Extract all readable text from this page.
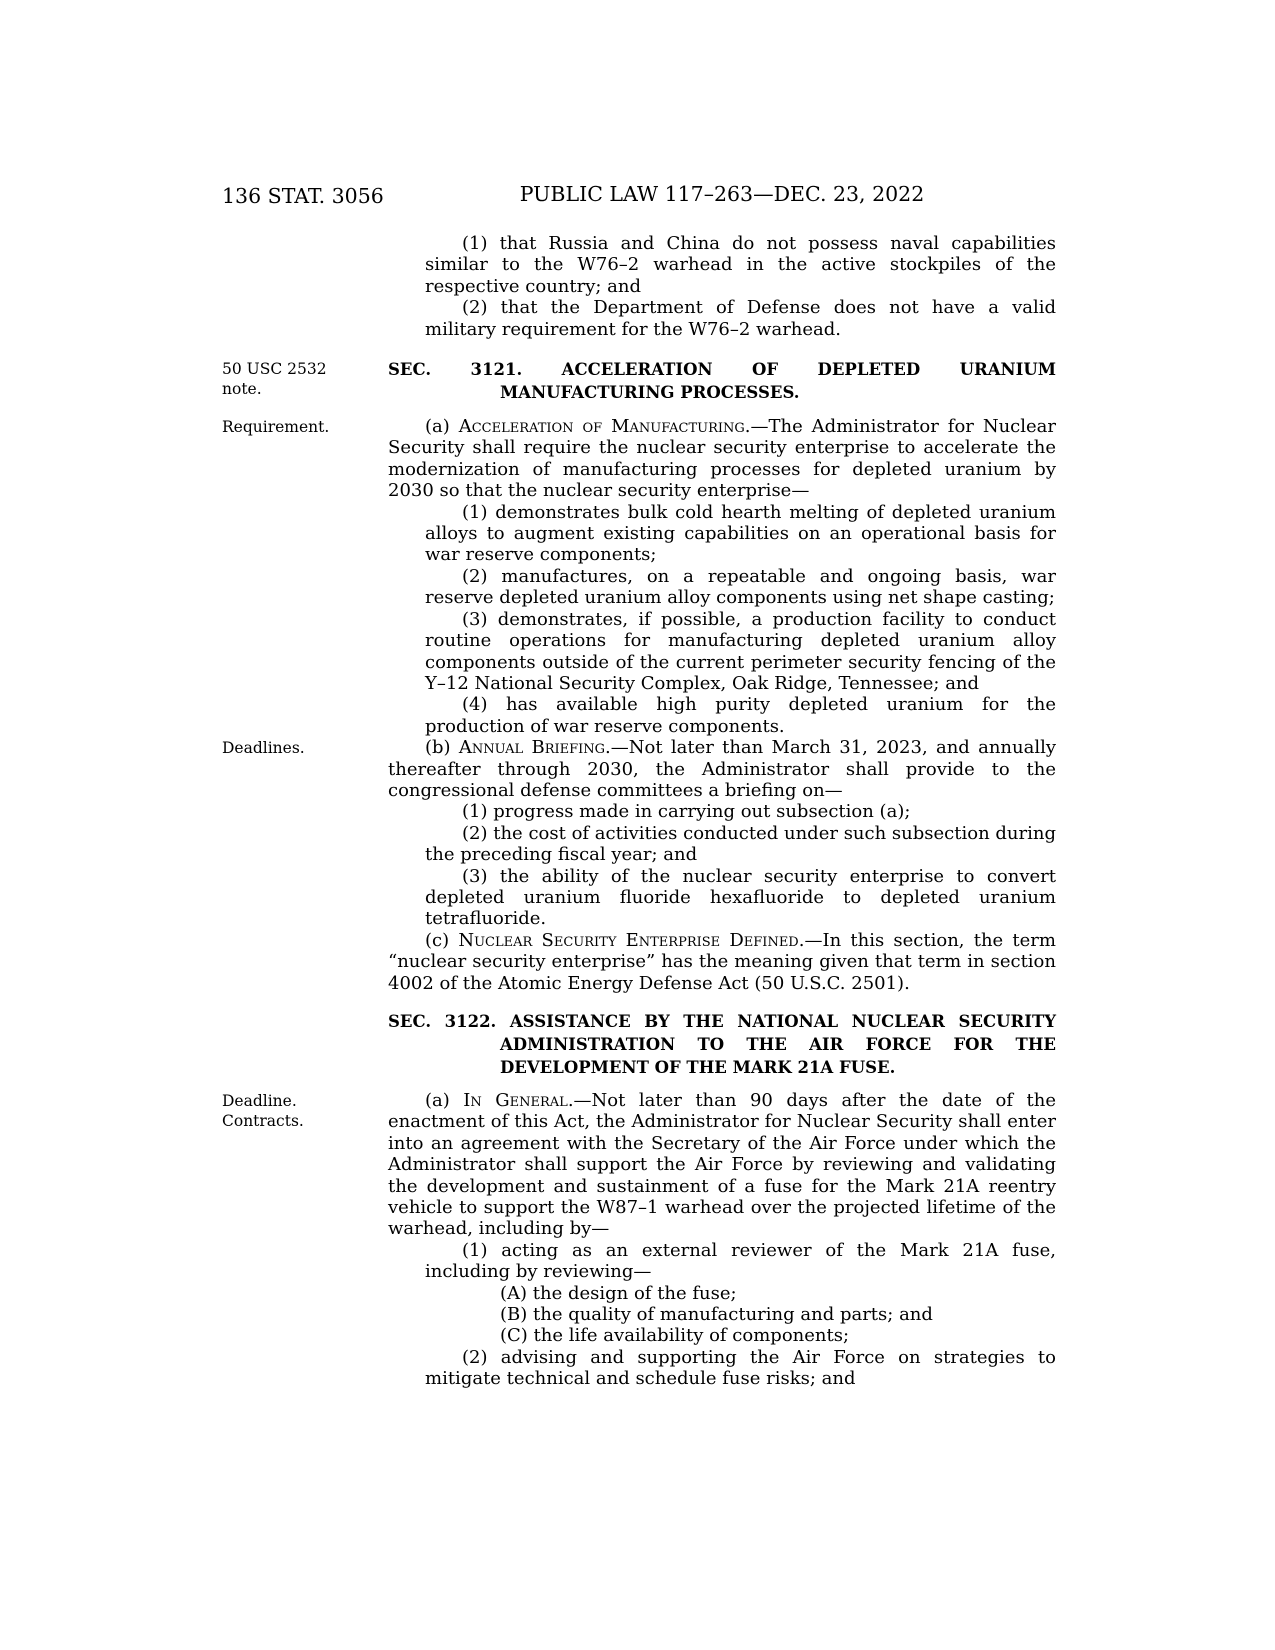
136 STAT. 3056	PUBLIC LAW 117–263—DEC. 23, 2022

(1) that Russia and China do not possess naval capabilities similar to the W76–2 warhead in the active stockpiles of the respective country; and

(2) that the Department of Defense does not have a valid military requirement for the W76–2 warhead.

50 USC 2532 note.
SEC. 3121. ACCELERATION OF DEPLETED URANIUM MANUFACTURING PROCESSES.
Requirement.	(a) Acceleration of Manufacturing.—The Administrator for Nuclear Security shall require the nuclear security enterprise to accelerate the modernization of manufacturing processes for depleted uranium by 2030 so that the nuclear security enterprise—

(1) demonstrates bulk cold hearth melting of depleted uranium alloys to augment existing capabilities on an operational basis for war reserve components;

(2) manufactures, on a repeatable and ongoing basis, war reserve depleted uranium alloy components using net shape casting;

(3) demonstrates, if possible, a production facility to conduct routine operations for manufacturing depleted uranium alloy components outside of the current perimeter security fencing of the Y–12 National Security Complex, Oak Ridge, Tennessee; and

(4) has available high purity depleted uranium for the production of war reserve components.

Deadlines.	(b) Annual Briefing.—Not later than March 31, 2023, and annually thereafter through 2030, the Administrator shall provide to the congressional defense committees a briefing on—

(1) progress made in carrying out subsection (a);

(2) the cost of activities conducted under such subsection during the preceding fiscal year; and

(3) the ability of the nuclear security enterprise to convert depleted uranium fluoride hexafluoride to depleted uranium tetrafluoride.

(c) Nuclear Security Enterprise Defined.—In this section, the term “nuclear security enterprise” has the meaning given that term in section 4002 of the Atomic Energy Defense Act (50 U.S.C. 2501).

SEC. 3122. ASSISTANCE BY THE NATIONAL NUCLEAR SECURITY ADMINISTRATION TO THE AIR FORCE FOR THE DEVELOPMENT OF THE MARK 21A FUSE.
Deadline. Contracts.

(a) In General.—Not later than 90 days after the date of the enactment of this Act, the Administrator for Nuclear Security shall enter into an agreement with the Secretary of the Air Force under which the Administrator shall support the Air Force by reviewing and validating the development and sustainment of a fuse for the Mark 21A reentry vehicle to support the W87–1 warhead over the projected lifetime of the warhead, including by—

(1) acting as an external reviewer of the Mark 21A fuse, including by reviewing—

(A) the design of the fuse;

(B) the quality of manufacturing and parts; and

(C) the life availability of components;

(2) advising and supporting the Air Force on strategies to mitigate technical and schedule fuse risks; and
